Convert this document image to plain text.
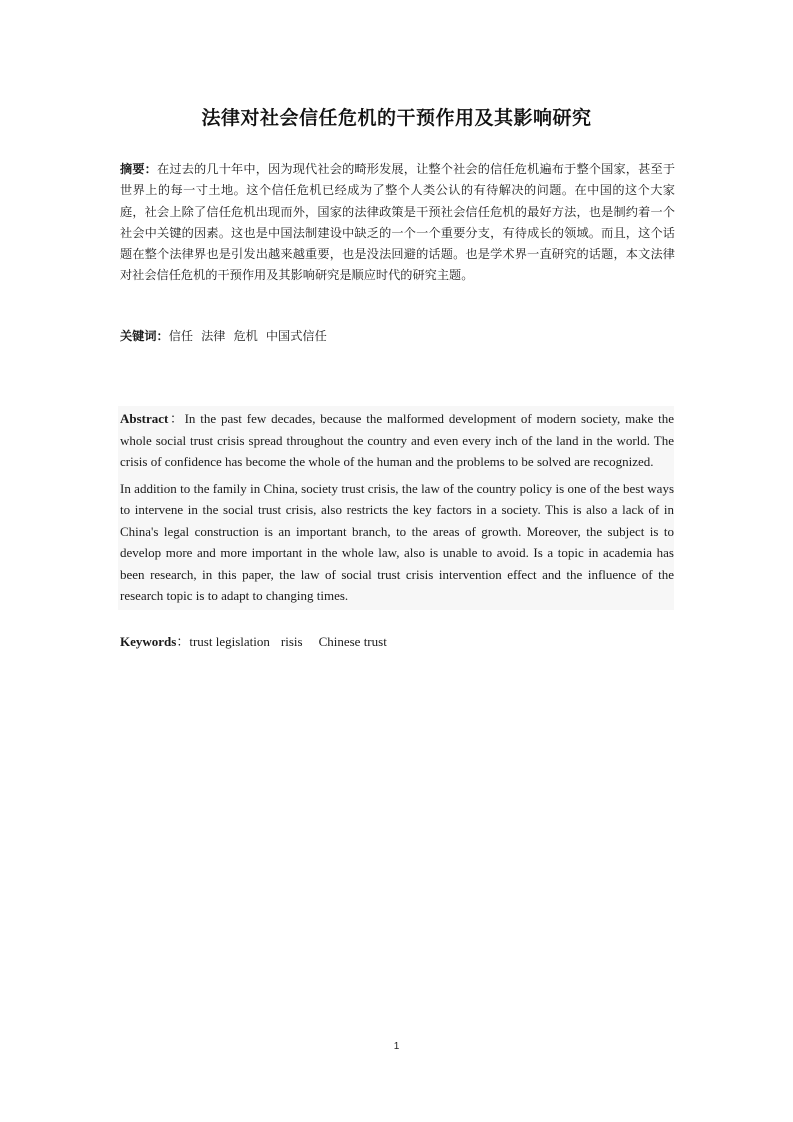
法律对社会信任危机的干预作用及其影响研究
摘要：在过去的几十年中，因为现代社会的畸形发展，让整个社会的信任危机遍布于整个国家，甚至于世界上的每一寸土地。这个信任危机已经成为了整个人类公认的有待解决的问题。在中国的这个大家庭，社会上除了信任危机出现而外，国家的法律政策是干预社会信任危机的最好方法，也是制约着一个社会中关键的因素。这也是中国法制建设中缺乏的一个一个重要分支，有待成长的领域。而且，这个话题在整个法律界也是引发出越来越重要，也是没法回避的话题。也是学术界一直研究的话题，本文法律对社会信任危机的干预作用及其影响研究是顺应时代的研究主题。
关键词：信任 法律 危机 中国式信任

Abstract：In the past few decades, because the malformed development of modern society, make the whole social trust crisis spread throughout the country and even every inch of the land in the world. The crisis of confidence has become the whole of the human and the problems to be solved are recognized.

In addition to the family in China, society trust crisis, the law of the country policy is one of the best ways to intervene in the social trust crisis, also restricts the key factors in a society. This is also a lack of in China's legal construction is an important branch, to the areas of growth. Moreover, the subject is to develop more and more important in the whole law, also is unable to avoid. Is a topic in academia has been research, in this paper, the law of social trust crisis intervention effect and the influence of the research topic is to adapt to changing times.

Keywords：trust legislation risis Chinese trust
1
